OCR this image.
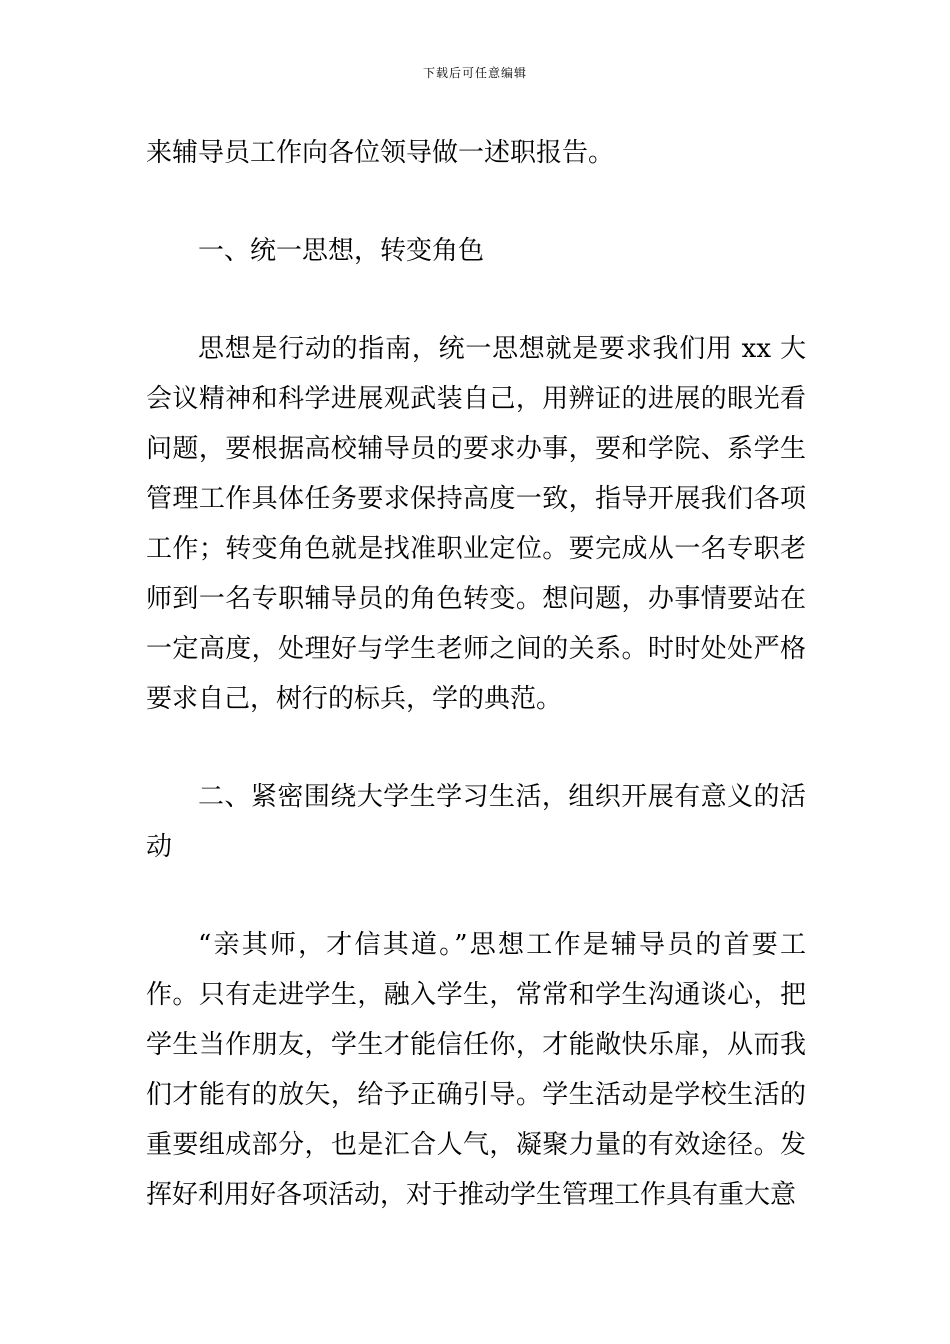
下载后可任意编辑

来辅导员工作向各位领导做一述职报告。

一、统一思想，转变角色

思想是行动的指南，统一思想就是要求我们用 xx 大会议精神和科学进展观武装自己，用辨证的进展的眼光看问题，要根据高校辅导员的要求办事，要和学院、系学生管理工作具体任务要求保持高度一致，指导开展我们各项工作；转变角色就是找准职业定位。要完成从一名专职老师到一名专职辅导员的角色转变。想问题，办事情要站在一定高度，处理好与学生老师之间的关系。时时处处严格要求自己，树行的标兵，学的典范。

二、紧密围绕大学生学习生活，组织开展有意义的活动

“亲其师，才信其道。”思想工作是辅导员的首要工作。只有走进学生，融入学生，常常和学生沟通谈心，把学生当作朋友，学生才能信任你，才能敞快乐扉，从而我们才能有的放矢，给予正确引导。学生活动是学校生活的重要组成部分，也是汇合人气，凝聚力量的有效途径。发挥好利用好各项活动，对于推动学生管理工作具有重大意
